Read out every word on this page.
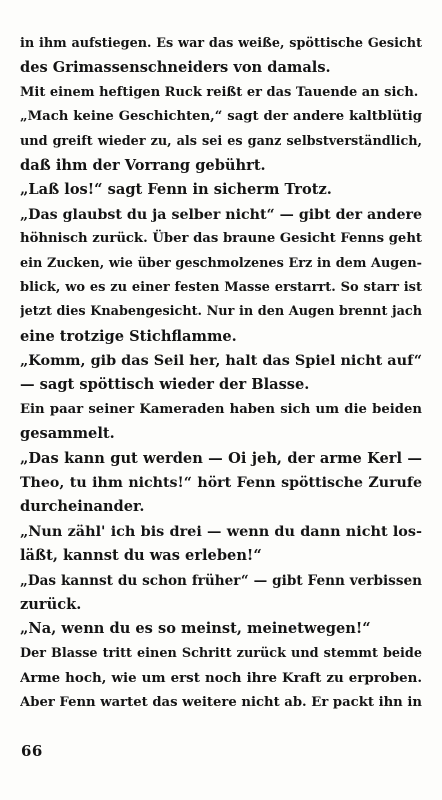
in ihm aufstiegen. Es war das weiße, spöttische Gesicht
des Grimassenschneiders von damals.
Mit einem heftigen Ruck reißt er das Tauende an sich.
„Mach keine Geschichten,“ sagt der andere kaltblütig
und greift wieder zu, als sei es ganz selbstverständlich,
daß ihm der Vorrang gebührt.
„Laß los!“ sagt Fenn in sicherm Trotz.
„Das glaubst du ja selber nicht“ — gibt der andere
höhnisch zurück. Über das braune Gesicht Fenns geht
ein Zucken, wie über geschmolzenes Erz in dem Augen-
blick, wo es zu einer festen Masse erstarrt. So starr ist
jetzt dies Knabengesicht. Nur in den Augen brennt jach
eine trotzige Stichflamme.
„Komm, gib das Seil her, halt das Spiel nicht auf“
— sagt spöttisch wieder der Blasse.
Ein paar seiner Kameraden haben sich um die beiden
gesammelt.
„Das kann gut werden — Oi jeh, der arme Kerl —
Theo, tu ihm nichts!“ hört Fenn spöttische Zurufe
durcheinander.
„Nun zähl' ich bis drei — wenn du dann nicht los-
läßt, kannst du was erleben!“
„Das kannst du schon früher“ — gibt Fenn verbissen
zurück.
„Na, wenn du es so meinst, meinetwegen!“
Der Blasse tritt einen Schritt zurück und stemmt beide
Arme hoch, wie um erst noch ihre Kraft zu erproben.
Aber Fenn wartet das weitere nicht ab. Er packt ihn in
66
